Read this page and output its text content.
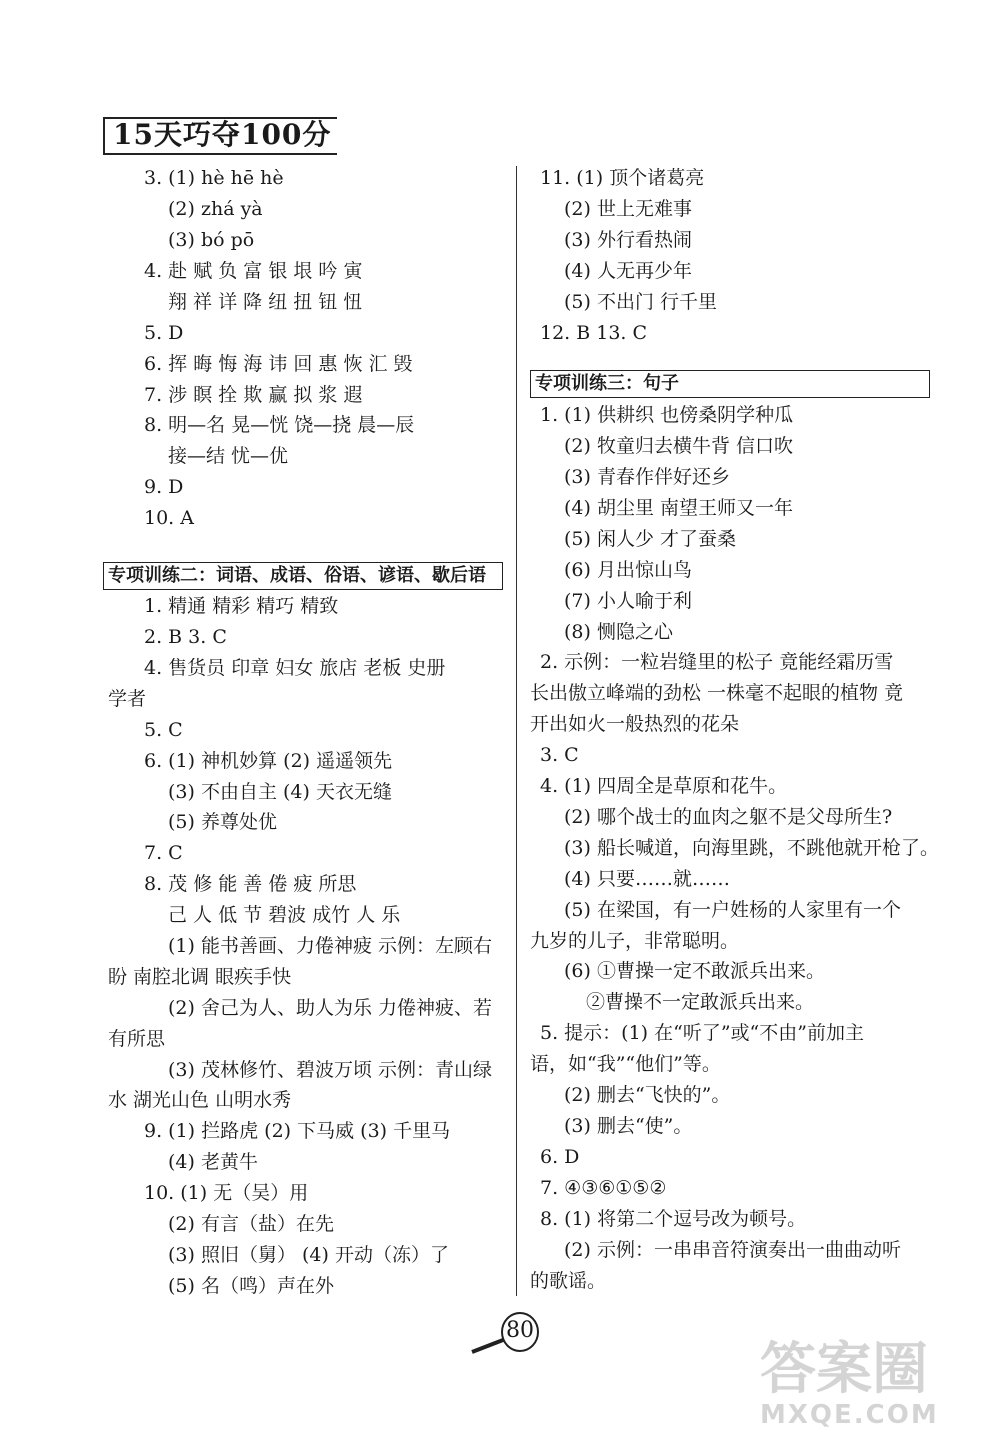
15天巧夺100分
3. (1) hè hē hè
(2) zhá yà
(3) bó pō
4. 赴 赋 负 富 银 垠 吟 寅
翔 祥 详 降 纽 扭 钮 忸
5. D
6. 挥 晦 悔 海 讳 回 惠 恢 汇 毁
7. 涉 瞑 拴 欺 赢 拟 浆 遐
8. 明—名 晃—恍 饶—挠 晨—辰
接—结 忧—优
9. D
10. A
1. 精通 精彩 精巧 精致
2. B 3. C
4. 售货员 印章 妇女 旅店 老板 史册
学者
5. C
6. (1) 神机妙算 (2) 遥遥领先
(3) 不由自主 (4) 天衣无缝
(5) 养尊处优
7. C
8. 茂 修 能 善 倦 疲 所思
己 人 低 节 碧波 成竹 人 乐
(1) 能书善画、力倦神疲 示例：左顾右
盼 南腔北调 眼疾手快
(2) 舍己为人、助人为乐 力倦神疲、若
有所思
(3) 茂林修竹、碧波万顷 示例：青山绿
水 湖光山色 山明水秀
9. (1) 拦路虎 (2) 下马威 (3) 千里马
(4) 老黄牛
10. (1) 无（吴）用
(2) 有言（盐）在先
(3) 照旧（舅） (4) 开动（冻）了
(5) 名（鸣）声在外
专项训练二：词语、成语、俗语、谚语、歇后语
11. (1) 顶个诸葛亮
(2) 世上无难事
(3) 外行看热闹
(4) 人无再少年
(5) 不出门 行千里
12. B 13. C
1. (1) 供耕织 也傍桑阴学种瓜
(2) 牧童归去横牛背 信口吹
(3) 青春作伴好还乡
(4) 胡尘里 南望王师又一年
(5) 闲人少 才了蚕桑
(6) 月出惊山鸟
(7) 小人喻于利
(8) 恻隐之心
2. 示例：一粒岩缝里的松子 竟能经霜历雪
长出傲立峰端的劲松 一株毫不起眼的植物 竟
开出如火一般热烈的花朵
3. C
4. (1) 四周全是草原和花牛。
(2) 哪个战士的血肉之躯不是父母所生?
(3) 船长喊道，向海里跳，不跳他就开枪了。
(4) 只要……就……
(5) 在梁国，有一户姓杨的人家里有一个
九岁的儿子，非常聪明。
(6) ①曹操一定不敢派兵出来。
②曹操不一定敢派兵出来。
5. 提示：(1) 在“听了”或“不由”前加主
语，如“我”“他们”等。
(2) 删去“飞快的”。
(3) 删去“使”。
6. D
7. ④③⑥①⑤②
8. (1) 将第二个逗号改为顿号。
(2) 示例：一串串音符演奏出一曲曲动听
的歌谣。
专项训练三：句子
80
答案圈
MXQE.COM
